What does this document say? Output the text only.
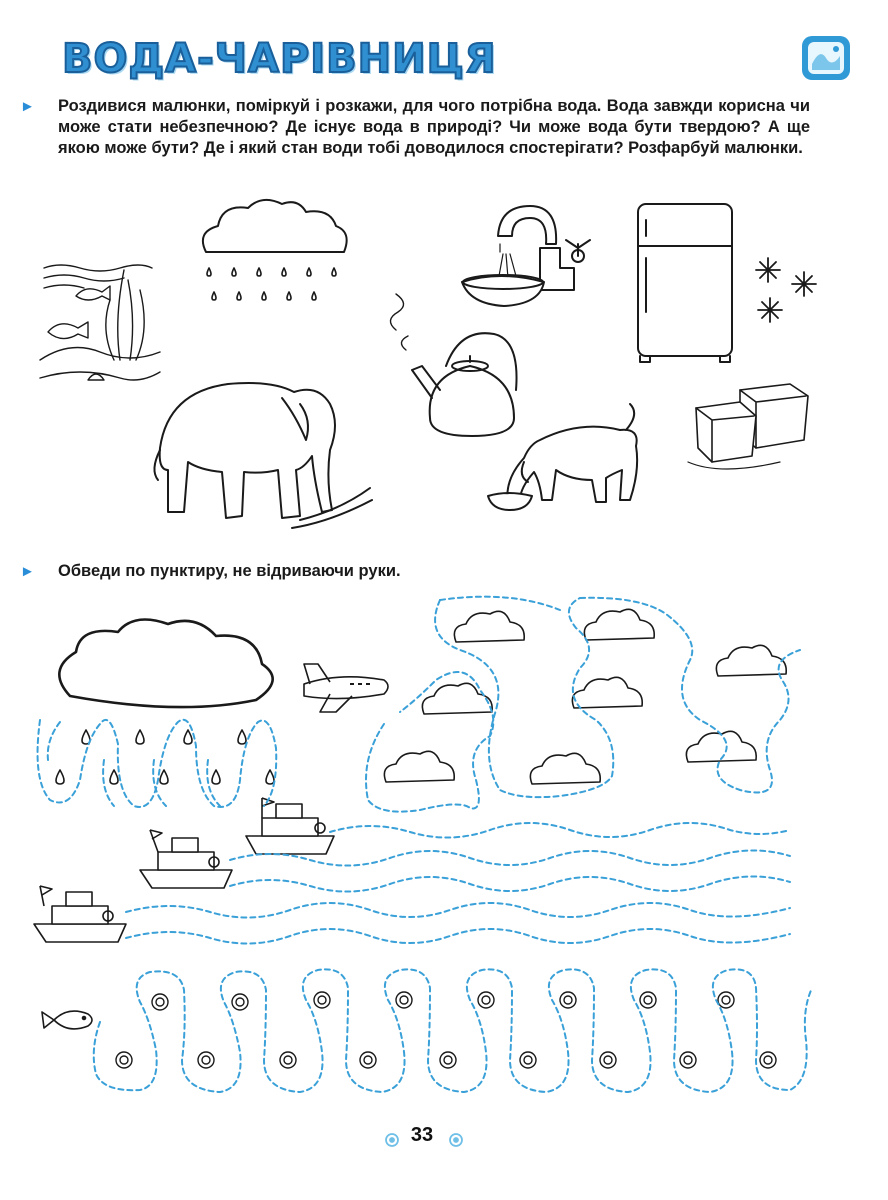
ВОДА-ЧАРІВНИЦЯ
► Роздивися малюнки, поміркуй і розкажи, для чого потрібна вода. Вода завжди корисна чи може стати небезпечною? Де існує вода в природі? Чи може вода бути твердою? А ще якою може бути? Де і який стан води тобі доводилося спостерігати? Розфарбуй малюнки.
► Обведи по пунктиру, не відриваючи руки.
33
